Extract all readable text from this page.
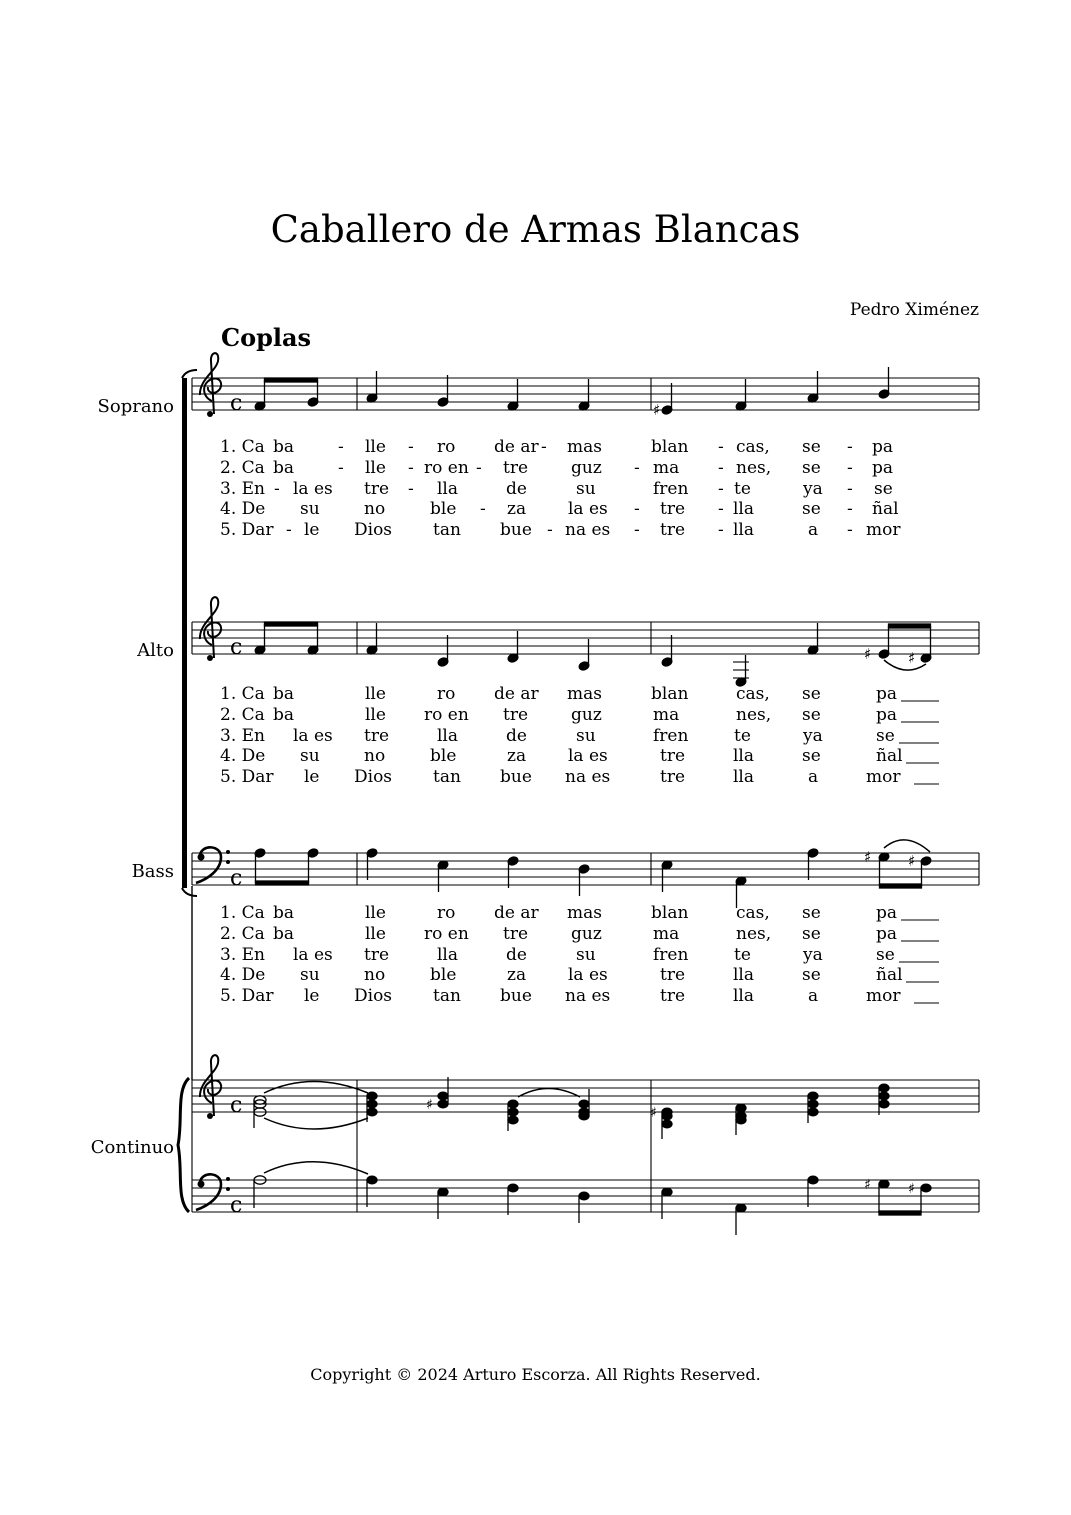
Caballero de Armas Blancas
Pedro Ximénez
Coplas
Copyright © 2024 Arturo Escorza. All Rights Reserved.
Soprano
Alto
Bass
Continuo
c	♯
1. Ca ba	lle	ro de ar mas	blan	cas, se	pa
2. Ca ba	lle ro en tre	guz	ma	nes, se	pa
3. En la es tre	lla	de	su	fren	te	ya	se
4. De su	no	ble	za la es	tre	lla	se	ñal
5. Dar le Dios tan bue na es	tre	lla	a	mor
-	-	-	-	-
-	-	-	-	-	-
-	-	-	-
-	-	-	-
-	-	-	-	-
c	♯ ♯
1. Ca ba	lle	ro de ar mas	blan	cas, se	pa
2. Ca ba	lle ro en tre	guz	ma	nes, se	pa
3. En la es tre	lla	de	su	fren	te	ya	se
4. De su	no	ble	za la es	tre	lla	se	ñal
5. Dar le Dios tan bue na es	tre	lla	a	mor
c
♯ ♯
1. Ca ba	lle	ro de ar mas	blan	cas, se	pa
2. Ca ba	lle ro en tre	guz	ma	nes, se	pa
3. En la es tre	lla	de	su	fren	te	ya	se
4. De su	no	ble	za la es	tre	lla	se	ñal
5. Dar le Dios tan bue na es	tre	lla	a	mor
c	♯	♯
c
♯	♯
